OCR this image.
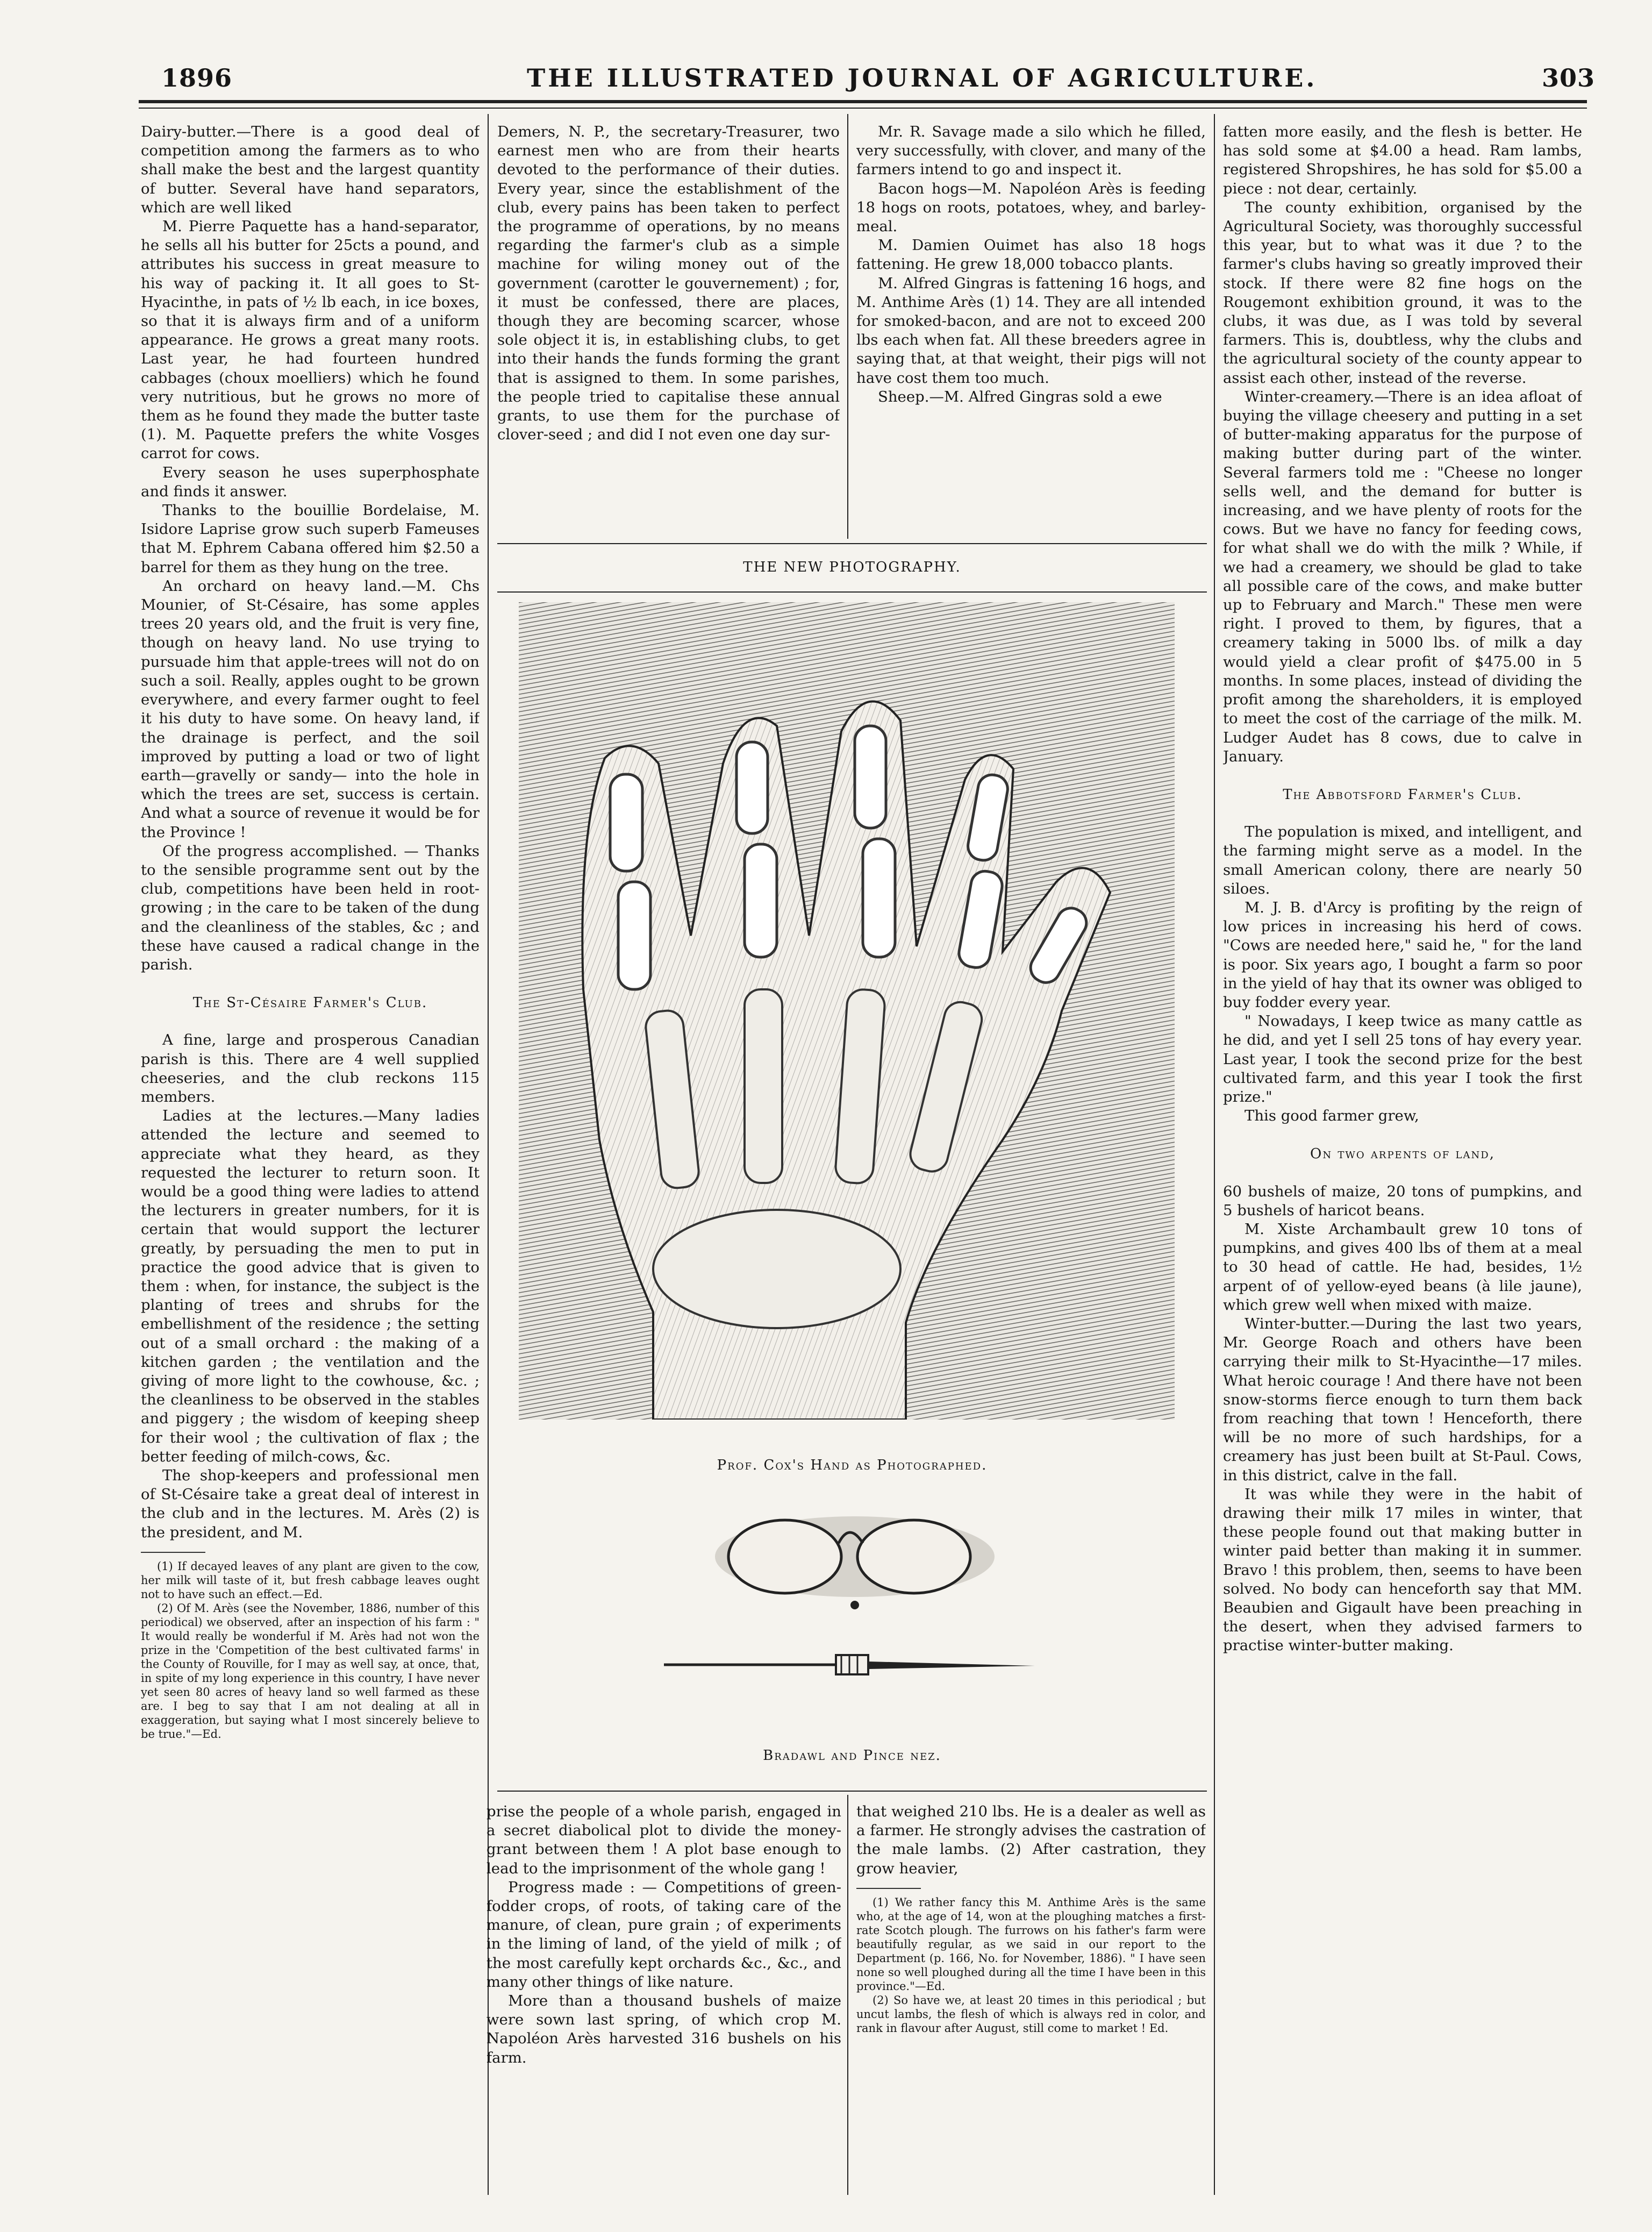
1896	THE ILLUSTRATED JOURNAL OF AGRICULTURE.	303

Dairy-butter.—There is a good deal of competition among the farmers as to who shall make the best and the largest quantity of butter. Several have hand separators, which are well liked

M. Pierre Paquette has a hand-separator, he sells all his butter for 25cts a pound, and attributes his success in great measure to his way of packing it. It all goes to St-Hyacinthe, in pats of ½ lb each, in ice boxes, so that it is always firm and of a uniform appearance. He grows a great many roots. Last year, he had fourteen hundred cabbages (choux moelliers) which he found very nutritious, but he grows no more of them as he found they made the butter taste (1). M. Paquette prefers the white Vosges carrot for cows.

Every season he uses superphosphate and finds it answer.

Thanks to the bouillie Bordelaise, M. Isidore Laprise grow such superb Fameuses that M. Ephrem Cabana offered him $2.50 a barrel for them as they hung on the tree.

An orchard on heavy land.—M. Chs Mounier, of St-Césaire, has some apples trees 20 years old, and the fruit is very fine, though on heavy land. No use trying to pursuade him that apple-trees will not do on such a soil. Really, apples ought to be grown everywhere, and every farmer ought to feel it his duty to have some. On heavy land, if the drainage is perfect, and the soil improved by putting a load or two of light earth—gravelly or sandy— into the hole in which the trees are set, success is certain. And what a source of revenue it would be for the Province !

Of the progress accomplished. — Thanks to the sensible programme sent out by the club, competitions have been held in root-growing ; in the care to be taken of the dung and the cleanliness of the stables, &c ; and these have caused a radical change in the parish.

The St-Césaire Farmer's Club.

A fine, large and prosperous Canadian parish is this. There are 4 well supplied cheeseries, and the club reckons 115 members.

Ladies at the lectures.—Many ladies attended the lecture and seemed to appreciate what they heard, as they requested the lecturer to return soon. It would be a good thing were ladies to attend the lecturers in greater numbers, for it is certain that would support the lecturer greatly, by persuading the men to put in practice the good advice that is given to them : when, for instance, the subject is the planting of trees and shrubs for the embellishment of the residence ; the setting out of a small orchard : the making of a kitchen garden ; the ventilation and the giving of more light to the cowhouse, &c. ; the cleanliness to be observed in the stables and piggery ; the wisdom of keeping sheep for their wool ; the cultivation of flax ; the better feeding of milch-cows, &c.

The shop-keepers and professional men of St-Césaire take a great deal of interest in the club and in the lectures. M. Arès (2) is the president, and M.

(1) If decayed leaves of any plant are given to the cow, her milk will taste of it, but fresh cabbage leaves ought not to have such an effect.—Ed.

(2) Of M. Arès (see the November, 1886, number of this periodical) we observed, after an inspection of his farm : " It would really be wonderful if M. Arès had not won the prize in the 'Competition of the best cultivated farms' in the County of Rouville, for I may as well say, at once, that, in spite of my long experience in this country, I have never yet seen 80 acres of heavy land so well farmed as these are. I beg to say that I am not dealing at all in exaggeration, but saying what I most sincerely believe to be true."—Ed.

Demers, N. P., the secretary-Treasurer, two earnest men who are from their hearts devoted to the performance of their duties. Every year, since the establishment of the club, every pains has been taken to perfect the programme of operations, by no means regarding the farmer's club as a simple machine for wiling money out of the government (carotter le gouvernement) ; for, it must be confessed, there are places, though they are becoming scarcer, whose sole object it is, in establishing clubs, to get into their hands the funds forming the grant that is assigned to them. In some parishes, the people tried to capitalise these annual grants, to use them for the purchase of clover-seed ; and did I not even one day sur-

Mr. R. Savage made a silo which he filled, very successfully, with clover, and many of the farmers intend to go and inspect it.

Bacon hogs—M. Napoléon Arès is feeding 18 hogs on roots, potatoes, whey, and barley-meal.

M. Damien Ouimet has also 18 hogs fattening. He grew 18,000 tobacco plants.

M. Alfred Gingras is fattening 16 hogs, and M. Anthime Arès (1) 14. They are all intended for smoked-bacon, and are not to exceed 200 lbs each when fat. All these breeders agree in saying that, at that weight, their pigs will not have cost them too much.

Sheep.—M. Alfred Gingras sold a ewe

THE NEW PHOTOGRAPHY.
Prof. Cox's Hand as Photographed.
Bradawl and Pince nez.

prise the people of a whole parish, engaged in a secret diabolical plot to divide the money-grant between them ! A plot base enough to lead to the imprisonment of the whole gang !

Progress made : — Competitions of green-fodder crops, of roots, of taking care of the manure, of clean, pure grain ; of experiments in the liming of land, of the yield of milk ; of the most carefully kept orchards &c., &c., and many other things of like nature.

More than a thousand bushels of maize were sown last spring, of which crop M. Napoléon Arès harvested 316 bushels on his farm.

that weighed 210 lbs. He is a dealer as well as a farmer. He strongly advises the castration of the male lambs. (2) After castration, they grow heavier,

(1) We rather fancy this M. Anthime Arès is the same who, at the age of 14, won at the ploughing matches a first-rate Scotch plough. The furrows on his father's farm were beautifully regular, as we said in our report to the Department (p. 166, No. for November, 1886). " I have seen none so well ploughed during all the time I have been in this province."—Ed.

(2) So have we, at least 20 times in this periodical ; but uncut lambs, the flesh of which is always red in color, and rank in flavour after August, still come to market ! Ed.

fatten more easily, and the flesh is better. He has sold some at $4.00 a head. Ram lambs, registered Shropshires, he has sold for $5.00 a piece : not dear, certainly.

The county exhibition, organised by the Agricultural Society, was thoroughly successful this year, but to what was it due ? to the farmer's clubs having so greatly improved their stock. If there were 82 fine hogs on the Rougemont exhibition ground, it was to the clubs, it was due, as I was told by several farmers. This is, doubtless, why the clubs and the agricultural society of the county appear to assist each other, instead of the reverse.

Winter-creamery.—There is an idea afloat of buying the village cheesery and putting in a set of butter-making apparatus for the purpose of making butter during part of the winter. Several farmers told me : "Cheese no longer sells well, and the demand for butter is increasing, and we have plenty of roots for the cows. But we have no fancy for feeding cows, for what shall we do with the milk ? While, if we had a creamery, we should be glad to take all possible care of the cows, and make butter up to February and March." These men were right. I proved to them, by figures, that a creamery taking in 5000 lbs. of milk a day would yield a clear profit of $475.00 in 5 months. In some places, instead of dividing the profit among the shareholders, it is employed to meet the cost of the carriage of the milk. M. Ludger Audet has 8 cows, due to calve in January.

The Abbotsford Farmer's Club.

The population is mixed, and intelligent, and the farming might serve as a model. In the small American colony, there are nearly 50 siloes.

M. J. B. d'Arcy is profiting by the reign of low prices in increasing his herd of cows. "Cows are needed here," said he, " for the land is poor. Six years ago, I bought a farm so poor in the yield of hay that its owner was obliged to buy fodder every year.

" Nowadays, I keep twice as many cattle as he did, and yet I sell 25 tons of hay every year. Last year, I took the second prize for the best cultivated farm, and this year I took the first prize."

This good farmer grew,

On two arpents of land,

60 bushels of maize, 20 tons of pumpkins, and 5 bushels of haricot beans.

M. Xiste Archambault grew 10 tons of pumpkins, and gives 400 lbs of them at a meal to 30 head of cattle. He had, besides, 1½ arpent of of yellow-eyed beans (à lile jaune), which grew well when mixed with maize.

Winter-butter.—During the last two years, Mr. George Roach and others have been carrying their milk to St-Hyacinthe—17 miles. What heroic courage ! And there have not been snow-storms fierce enough to turn them back from reaching that town ! Henceforth, there will be no more of such hardships, for a creamery has just been built at St-Paul. Cows, in this district, calve in the fall.

It was while they were in the habit of drawing their milk 17 miles in winter, that these people found out that making butter in winter paid better than making it in summer. Bravo ! this problem, then, seems to have been solved. No body can henceforth say that MM. Beaubien and Gigault have been preaching in the desert, when they advised farmers to practise winter-butter making.
